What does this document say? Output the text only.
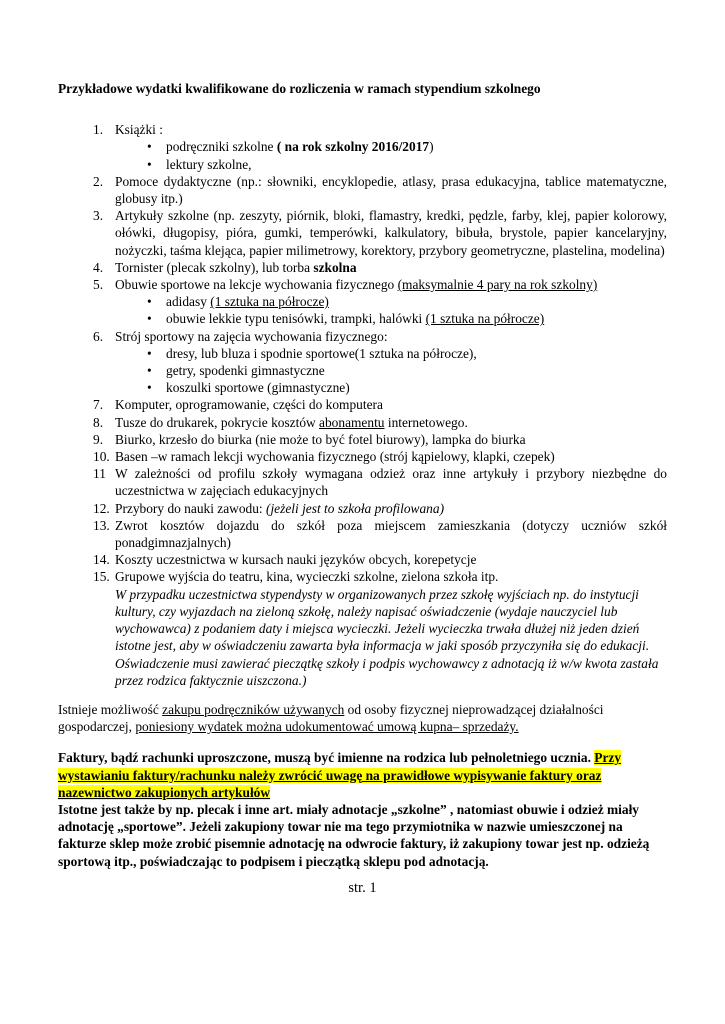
Przykładowe wydatki kwalifikowane do rozliczenia w ramach stypendium szkolnego
1. Książki :
• podręczniki szkolne ( na rok szkolny 2016/2017)
• lektury szkolne,
2. Pomoce dydaktyczne (np.: słowniki, encyklopedie, atlasy, prasa edukacyjna, tablice matematyczne, globusy itp.)
3. Artykuły szkolne (np. zeszyty, piórnik, bloki, flamastry, kredki, pędzle, farby, klej, papier kolorowy, ołówki, długopisy, pióra, gumki, temperówki, kalkulatory, bibuła, brystole, papier kancelaryjny, nożyczki, taśma klejąca, papier milimetrowy, korektory, przybory geometryczne, plastelina, modelina)
4. Tornister (plecak szkolny), lub torba szkolna
5. Obuwie sportowe na lekcje wychowania fizycznego (maksymalnie 4 pary na rok szkolny)
• adidasy (1 sztuka na półrocze)
• obuwie lekkie typu tenisówki, trampki, halówki (1 sztuka na półrocze)
6. Strój sportowy na zajęcia wychowania fizycznego:
• dresy, lub bluza i spodnie sportowe(1 sztuka na półrocze),
• getry, spodenki gimnastyczne
• koszulki sportowe (gimnastyczne)
7. Komputer, oprogramowanie, części do komputera
8. Tusze do drukarek, pokrycie kosztów abonamentu internetowego.
9. Biurko, krzesło do biurka (nie może to być fotel biurowy), lampka do biurka
10. Basen –w ramach lekcji wychowania fizycznego (strój kąpielowy, klapki, czepek)
11 W zależności od profilu szkoły wymagana odzież oraz inne artykuły i przybory niezbędne do uczestnictwa w zajęciach edukacyjnych
12. Przybory do nauki zawodu: (jeżeli jest to szkoła profilowana)
13. Zwrot kosztów dojazdu do szkół poza miejscem zamieszkania (dotyczy uczniów szkół ponadgimnazjalnych)
14. Koszty uczestnictwa w kursach nauki języków obcych, korepetycje
15. Grupowe wyjścia do teatru, kina, wycieczki szkolne, zielona szkoła itp.
W przypadku uczestnictwa stypendysty w organizowanych przez szkołę wyjściach np. do instytucji kultury, czy wyjazdach na zieloną szkołę, należy napisać oświadczenie (wydaje nauczyciel lub wychowawca) z podaniem daty i miejsca wycieczki. Jeżeli wycieczka trwała dłużej niż jeden dzień istotne jest, aby w oświadczeniu zawarta była informacja w jaki sposób przyczyniła się do edukacji. Oświadczenie musi zawierać pieczątkę szkoły i podpis wychowawcy z adnotacją iż w/w kwota zastała przez rodzica faktycznie uiszczona.)
Istnieje możliwość zakupu podręczników używanych od osoby fizycznej nieprowadzącej działalności gospodarczej, poniesiony wydatek można udokumentować umową kupna– sprzedaży.
Faktury, bądź rachunki uproszczone, muszą być imienne na rodzica lub pełnoletniego ucznia. Przy wystawianiu faktury/rachunku należy zwrócić uwagę na prawidłowe wypisywanie faktury oraz nazewnictwo zakupionych artykułów
Istotne jest także by np. plecak i inne art. miały adnotacje „szkolne” , natomiast obuwie i odzież miały adnotację „sportowe”. Jeżeli zakupiony towar nie ma tego przymiotnika w nazwie umieszczonej na fakturze sklep może zrobić pisemnie adnotację na odwrocie faktury, iż zakupiony towar jest np. odzieżą sportową itp., poświadczając to podpisem i pieczątką sklepu pod adnotacją.
str. 1
